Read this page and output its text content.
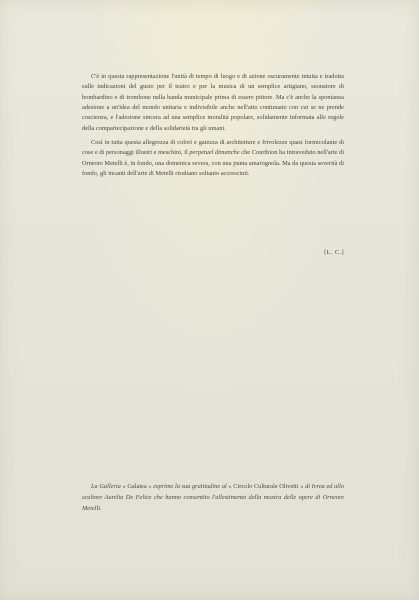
C'è in questa rappresentazione l'unità di tempo di luogo e di azione oscuramente intuita e tradotta sulle indicazioni del gusto per il teatro e per la musica di un semplice artigiano, suonatore di bombardino e di trombone nella banda municipale prima di essere pittore. Ma c'è anche la spontanea adesione a un'idea del mondo unitaria e indivisibile anche nell'atto continuato con cui se ne prende coscienza, e l'adesione sincera ad una semplice moralità popolare, solidamente informata alle regole della compartecipazione e della solidarietà tra gli umani.

Così in tutta questa allegrezza di colori e gaiezza di architetture e frivolezze quasi formicolante di cose e di personaggi illustri e meschini, il perpetuel dimanche che Courthion ha intraveduto nell'arte di Orneore Metelli è, in fondo, una domenica severa, con una punta amarognola. Ma da questa severità di fondo, gli incanti dell'arte di Metelli risultano soltanto accresciuti.

[L. C.]
La Galleria « Galatea » esprime la sua gratitudine al « Circolo Culturale Olivetti » di Ivrea ed allo scultore Aurelio De Felice che hanno consentito l'allestimento della mostra delle opere di Orneore Metelli.
